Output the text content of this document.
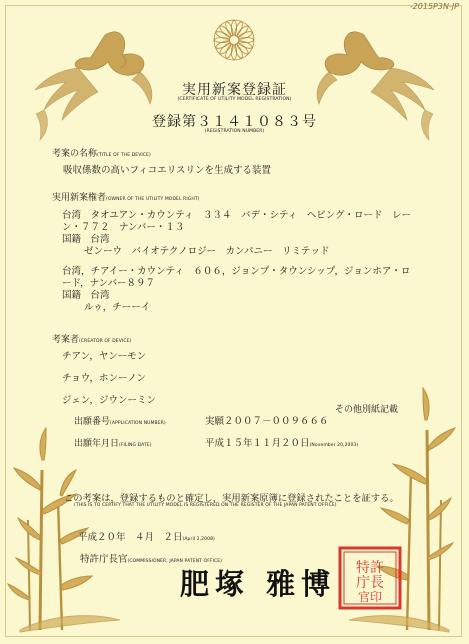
-2015P3N-JP
特許
庁長
官印
実用新案登録証
(CERTIFICATE OF UTILITY MODEL REGISTRATION)
登録第３１４１０８３号
(REGISTRATION NUMBER)
考案の名称(TITLE OF THE DEVICE)
吸収係数の高いフィコエリスリンを生成する装置
実用新案権者(OWNER OF THE UTILITY MODEL RIGHT)
台湾　タオユアン・カウンティ　３３４　バデ・シティ　ヘビング・ロード　レー
ン・７７２　ナンバー・１３
国籍　台湾
ゼンーウ　バイオテクノロジー　カンパニー　リミテッド
台湾，チアイー・カウンティ　６０６，ジョンプ・タウンシップ，ジョンホア・ロ
ード，ナンバー８９７
国籍　台湾
ルゥ，チーーイ
考案者(CREATOR OF DEVICE)
チアン，ヤンーモン
チョウ，ホンーノン
ジェン，ジウンーミン
その他別紙記載
出願番号(APPLICATION NUMBER)	実願２００７－００９６６６
出願年月日(FILING DATE)	平成１５年１１月２０日(November 20,2003)
この考案は，登録するものと確定し，実用新案原簿に登録されたことを証する。
(THIS IS TO CERTIFY THAT THE UTILITY MODEL IS REGISTERED ON THE REGISTER OF THE JAPAN PATENT OFFICE)
平成２０年　４月　２日(April 2,2008)
特許庁長官(COMMISSIONER, JAPAN PATENT OFFICE)
肥塚 雅博
